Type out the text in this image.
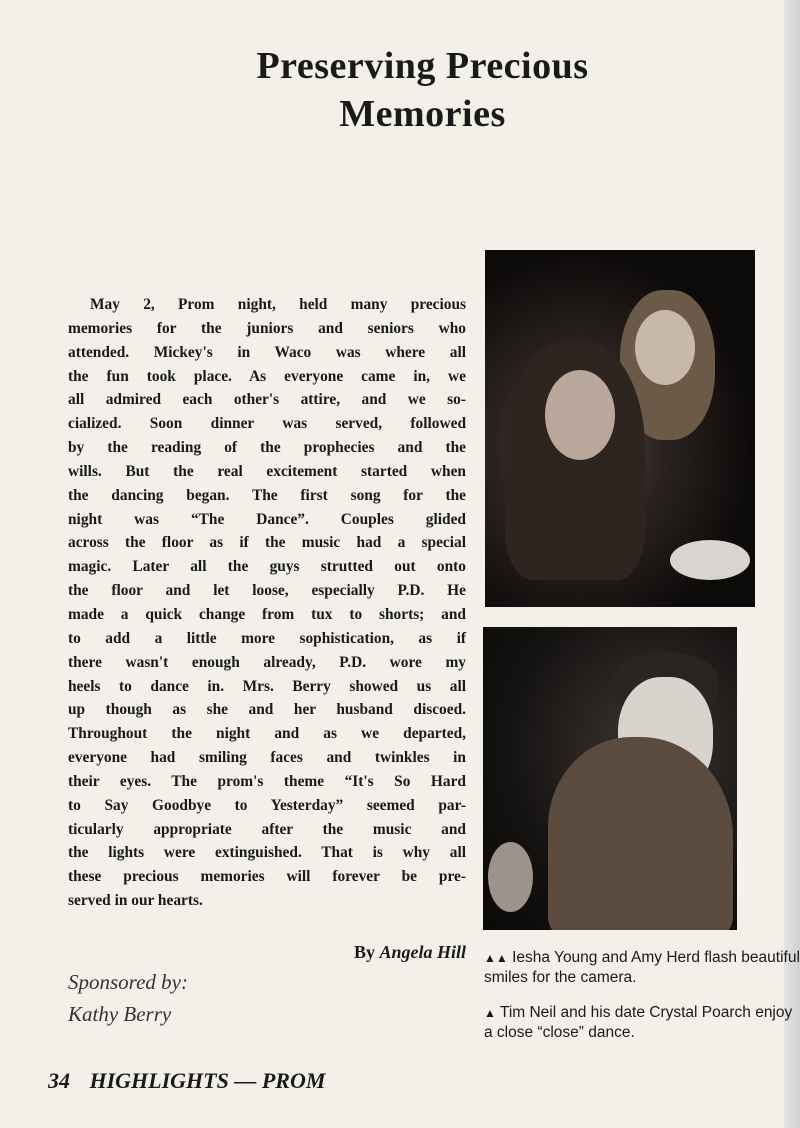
Preserving Precious
Memories
May 2, Prom night, held many precious
memories for the juniors and seniors who
attended. Mickey's in Waco was where all
the fun took place. As everyone came in, we
all admired each other's attire, and we so-
cialized. Soon dinner was served, followed
by the reading of the prophecies and the
wills. But the real excitement started when
the dancing began. The first song for the
night was “The Dance”. Couples glided
across the floor as if the music had a special
magic. Later all the guys strutted out onto
the floor and let loose, especially P.D. He
made a quick change from tux to shorts; and
to add a little more sophistication, as if
there wasn't enough already, P.D. wore my
heels to dance in. Mrs. Berry showed us all
up though as she and her husband discoed.
Throughout the night and as we departed,
everyone had smiling faces and twinkles in
their eyes. The prom's theme “It's So Hard
to Say Goodbye to Yesterday” seemed par-
ticularly appropriate after the music and
the lights were extinguished. That is why all
these precious memories will forever be pre-
served in our hearts.
By Angela Hill
Sponsored by:
Kathy Berry
▲▲ Iesha Young and Amy Herd flash beautiful smiles for the camera.
▲ Tim Neil and his date Crystal Poarch enjoy a close “close” dance.
34 HIGHLIGHTS — PROM
